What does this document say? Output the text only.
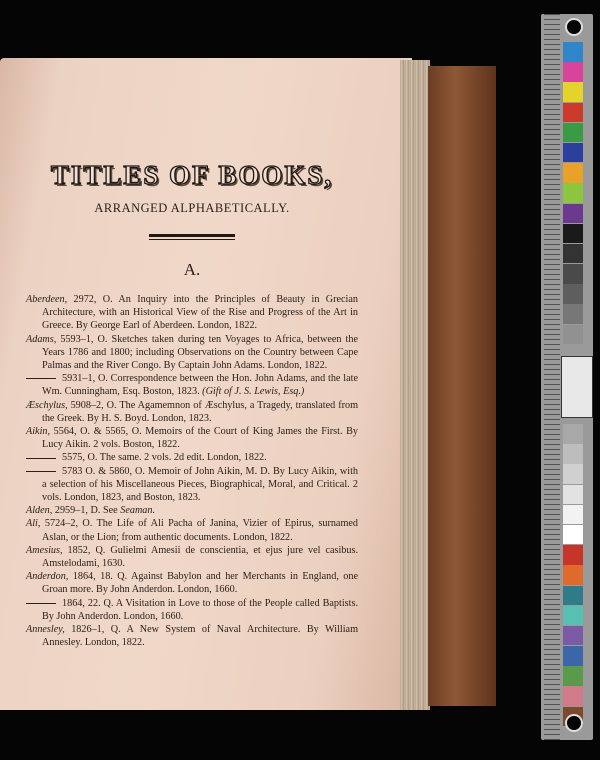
TITLES OF BOOKS,
ARRANGED ALPHABETICALLY.
A.

Aberdeen, 2972, O. An Inquiry into the Principles of Beauty in Grecian Architecture, with an Historical View of the Rise and Progress of the Art in Greece. By George Earl of Aberdeen. London, 1822.

Adams, 5593–1, O. Sketches taken during ten Voyages to Africa, between the Years 1786 and 1800; including Observations on the Country between Cape Palmas and the River Congo. By Captain John Adams. London, 1822.

5931–1, O. Correspondence between the Hon. John Adams, and the late Wm. Cunningham, Esq. Boston, 1823. (Gift of J. S. Lewis, Esq.)

Æschylus, 5908–2, O. The Agamemnon of Æschylus, a Tragedy, translated from the Greek. By H. S. Boyd. London, 1823.

Aikin, 5564, O. & 5565, O. Memoirs of the Court of King James the First. By Lucy Aikin. 2 vols. Boston, 1822.

5575, O. The same. 2 vols. 2d edit. London, 1822.

5783 O. & 5860, O. Memoir of John Aikin, M. D. By Lucy Aikin, with a selection of his Miscellaneous Pieces, Biographical, Moral, and Critical. 2 vols. London, 1823, and Boston, 1823.

Alden, 2959–1, D. See Seaman.

Ali, 5724–2, O. The Life of Ali Pacha of Janina, Vizier of Epirus, surnamed Aslan, or the Lion; from authentic documents. London, 1822.

Amesius, 1852, Q. Gulielmi Amesii de conscientia, et ejus jure vel casibus. Amstelodami, 1630.

Anderdon, 1864, 18. Q. Against Babylon and her Merchants in England, one Groan more. By John Anderdon. London, 1660.

1864, 22. Q. A Visitation in Love to those of the People called Baptists. By John Anderdon. London, 1660.

Annesley, 1826–1, Q. A New System of Naval Architecture. By William Annesley. London, 1822.
